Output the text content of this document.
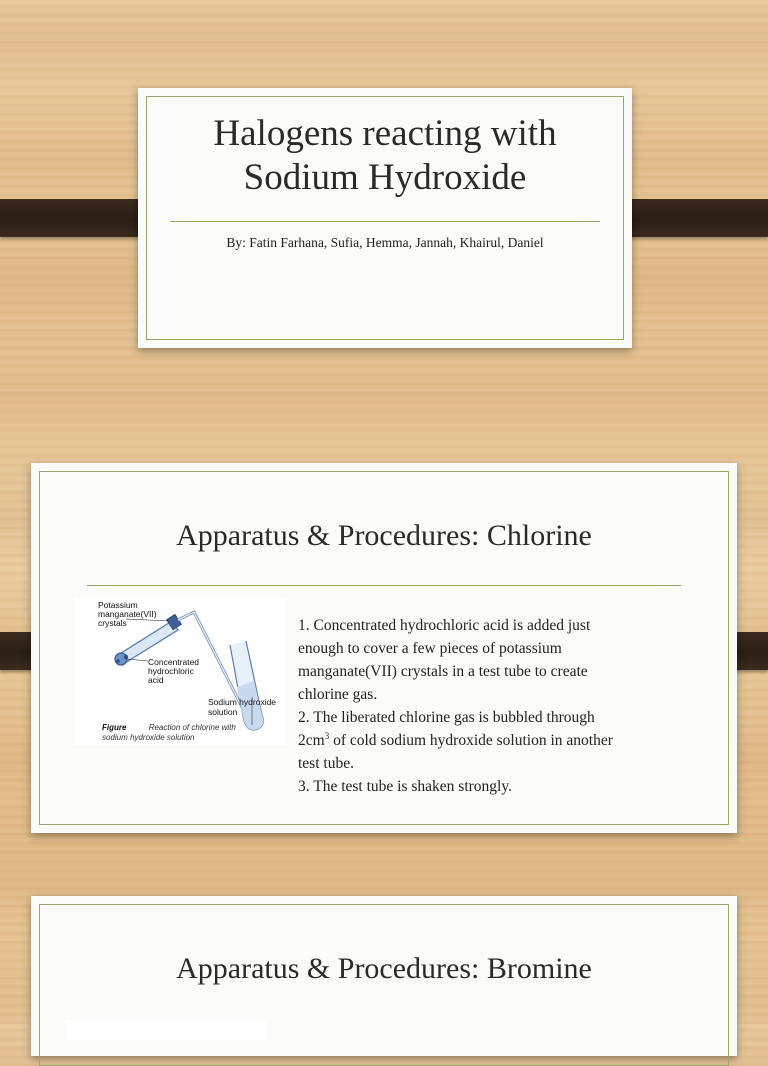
Halogens reacting with
Sodium Hydroxide
By: Fatin Farhana, Sufia, Hemma, Jannah, Khairul, Daniel
Apparatus & Procedures: Chlorine
Potassium
manganate(VII)
crystals
Concentrated
hydrochloric
acid
Sodium hydroxide
solution
Figure	Reaction of chlorine with
sodium hydroxide solution
1. Concentrated hydrochloric acid is added just
enough to cover a few pieces of potassium
manganate(VII) crystals in a test tube to create
chlorine gas.
2. The liberated chlorine gas is bubbled through
$2cm^3$ of cold sodium hydroxide solution in another
test tube.
3. The test tube is shaken strongly.
Apparatus & Procedures: Bromine
